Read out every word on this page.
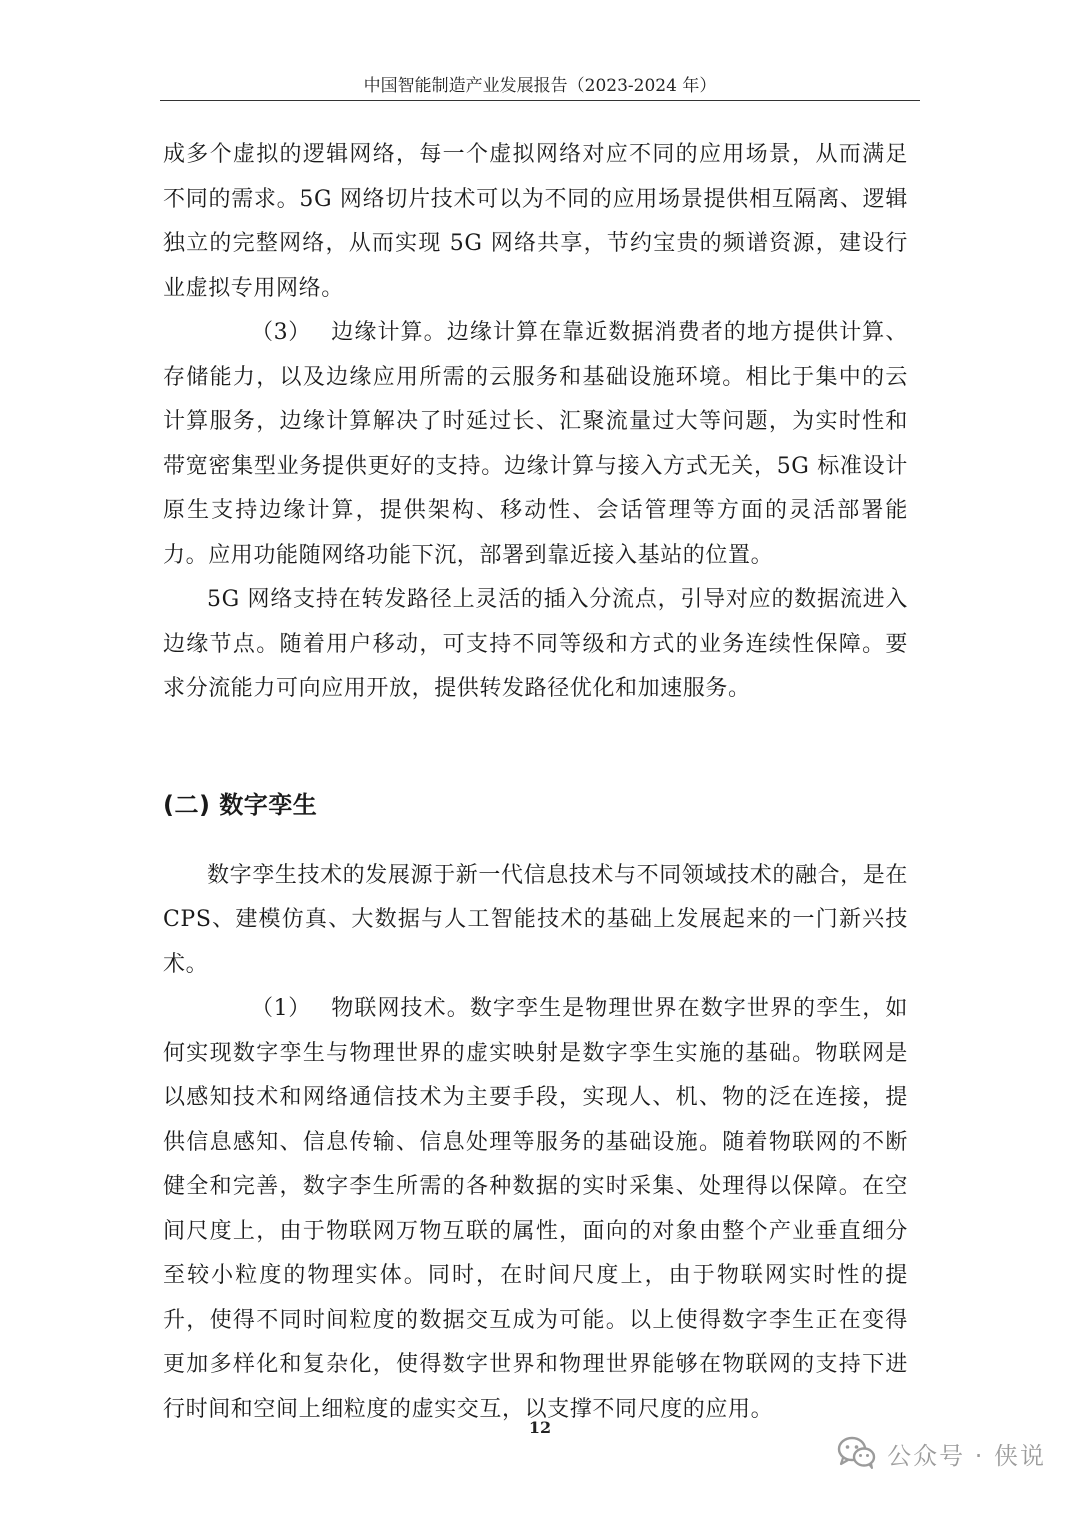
中国智能制造产业发展报告（2023-2024 年）

成多个虚拟的逻辑网络，每一个虚拟网络对应不同的应用场景，从而满足不同的需求。5G 网络切片技术可以为不同的应用场景提供相互隔离、逻辑独立的完整网络，从而实现 5G 网络共享，节约宝贵的频谱资源，建设行业虚拟专用网络。

（3） 边缘计算。边缘计算在靠近数据消费者的地方提供计算、存储能力，以及边缘应用所需的云服务和基础设施环境。相比于集中的云计算服务，边缘计算解决了时延过长、汇聚流量过大等问题，为实时性和带宽密集型业务提供更好的支持。边缘计算与接入方式无关，5G 标准设计原生支持边缘计算，提供架构、移动性、会话管理等方面的灵活部署能力。应用功能随网络功能下沉，部署到靠近接入基站的位置。

5G 网络支持在转发路径上灵活的插入分流点，引导对应的数据流进入边缘节点。随着用户移动，可支持不同等级和方式的业务连续性保障。要求分流能力可向应用开放，提供转发路径优化和加速服务。

(二) 数字孪生

数字孪生技术的发展源于新一代信息技术与不同领域技术的融合，是在 CPS、建模仿真、大数据与人工智能技术的基础上发展起来的一门新兴技术。

（1） 物联网技术。数字孪生是物理世界在数字世界的孪生，如何实现数字孪生与物理世界的虚实映射是数字孪生实施的基础。物联网是以感知技术和网络通信技术为主要手段，实现人、机、物的泛在连接，提供信息感知、信息传输、信息处理等服务的基础设施。随着物联网的不断健全和完善，数字李生所需的各种数据的实时采集、处理得以保障。在空间尺度上，由于物联网万物互联的属性，面向的对象由整个产业垂直细分至较小粒度的物理实体。同时，在时间尺度上，由于物联网实时性的提升，使得不同时间粒度的数据交互成为可能。以上使得数字李生正在变得更加多样化和复杂化，使得数字世界和物理世界能够在物联网的支持下进行时间和空间上细粒度的虚实交互，以支撑不同尺度的应用。

12
公众号 · 侠说
